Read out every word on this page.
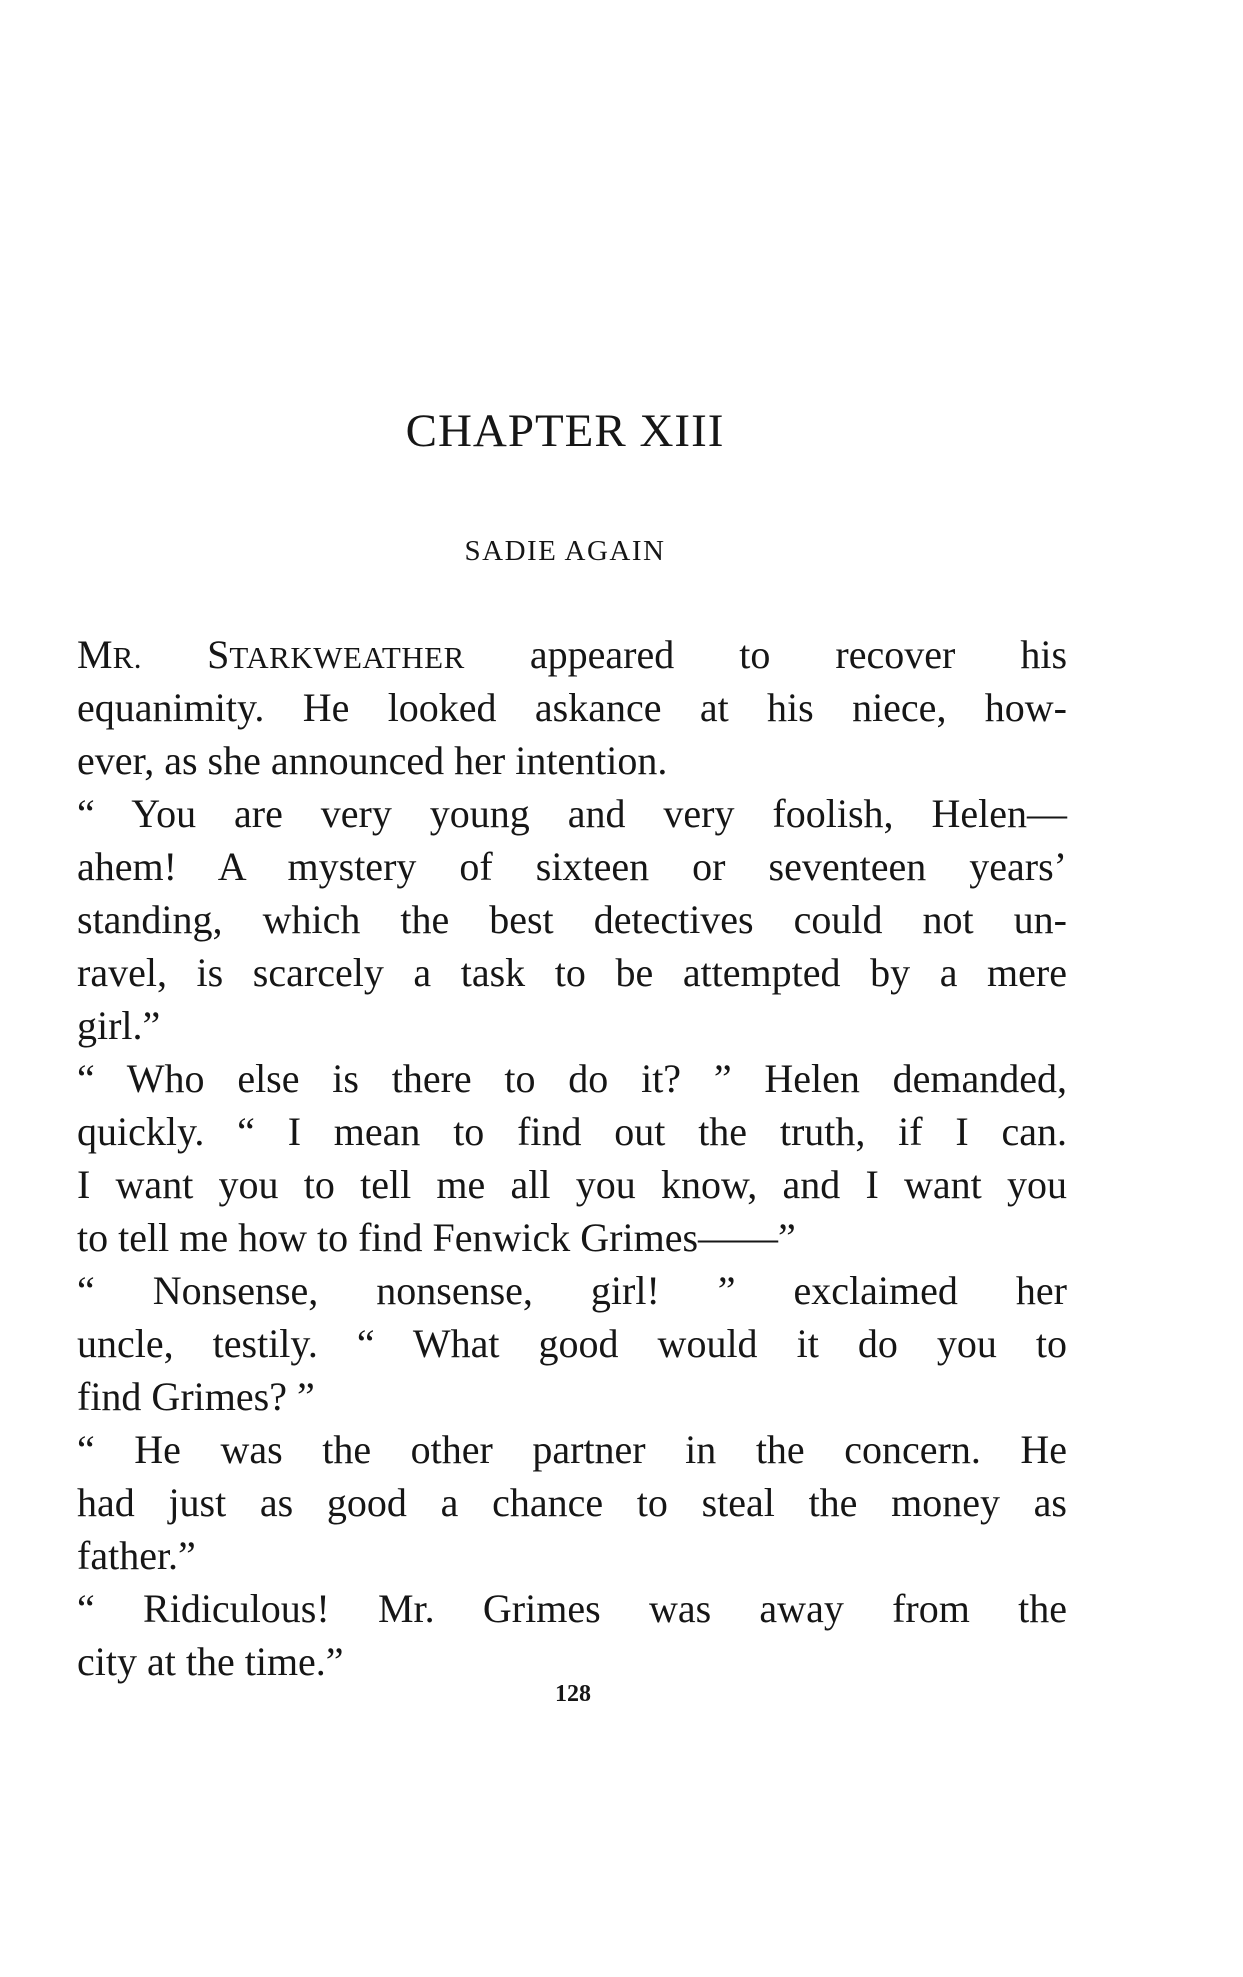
CHAPTER XIII
SADIE AGAIN
MR. STARKWEATHER appeared to recover his
equanimity. He looked askance at his niece, how-
ever, as she announced her intention.
“ You are very young and very foolish, Helen—
ahem! A mystery of sixteen or seventeen years’
standing, which the best detectives could not un-
ravel, is scarcely a task to be attempted by a mere
girl.”
“ Who else is there to do it? ” Helen demanded,
quickly. “ I mean to find out the truth, if I can.
I want you to tell me all you know, and I want you
to tell me how to find Fenwick Grimes——”
“ Nonsense, nonsense, girl! ” exclaimed her
uncle, testily. “ What good would it do you to
find Grimes? ”
“ He was the other partner in the concern. He
had just as good a chance to steal the money as
father.”
“ Ridiculous! Mr. Grimes was away from the
city at the time.”
128
